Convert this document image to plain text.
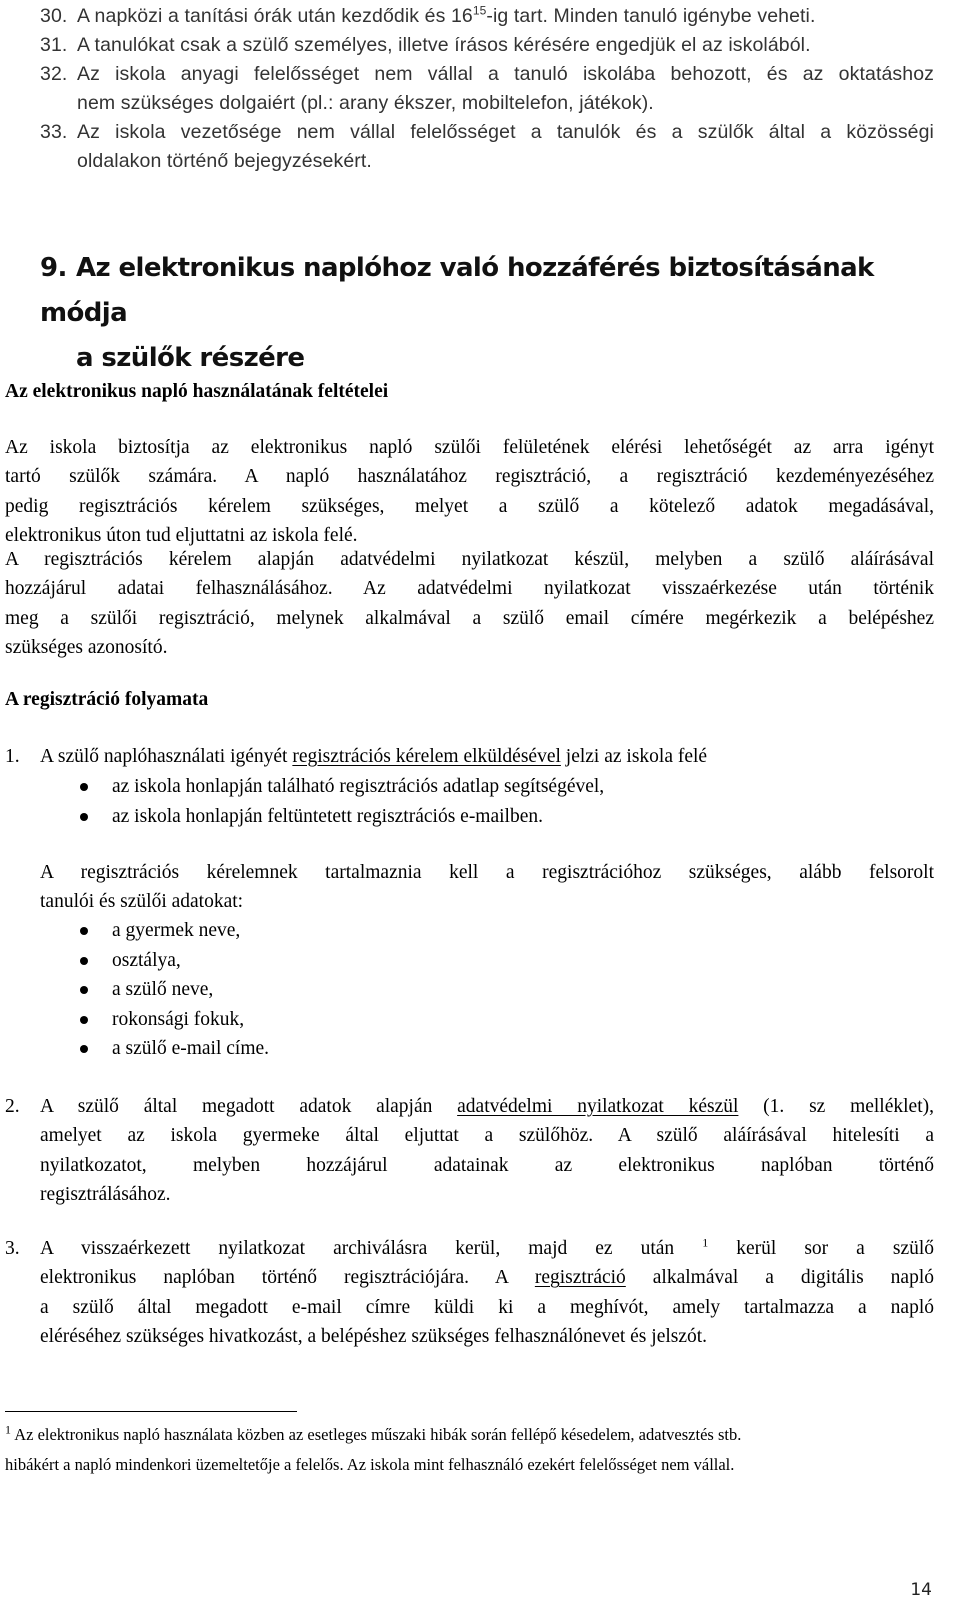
30. A napközi a tanítási órák után kezdődik és $16^{15}-ig$ tart. Minden tanuló igénybe veheti.
31. A tanulókat csak a szülő személyes, illetve írásos kérésére engedjük el az iskolából.
32. Az iskola anyagi felelősséget nem vállal a tanuló iskolába behozott, és az oktatáshoz
nem szükséges dolgaiért (pl.: arany ékszer, mobiltelefon, játékok).
33. Az iskola vezetősége nem vállal felelősséget a tanulók és a szülők által a közösségi
oldalakon történő bejegyzésekért.
9. Az elektronikus naplóhoz való hozzáférés biztosításának módja
a szülők részére
Az elektronikus napló használatának feltételei
Az iskola biztosítja az elektronikus napló szülői felületének elérési lehetőségét az arra igényt
tartó szülők számára. A napló használatához regisztráció, a regisztráció kezdeményezéséhez
pedig regisztrációs kérelem szükséges, melyet a szülő a kötelező adatok megadásával,
elektronikus úton tud eljuttatni az iskola felé.
A regisztrációs kérelem alapján adatvédelmi nyilatkozat készül, melyben a szülő aláírásával
hozzájárul adatai felhasználásához. Az adatvédelmi nyilatkozat visszaérkezése után történik
meg a szülői regisztráció, melynek alkalmával a szülő email címére megérkezik a belépéshez
szükséges azonosító.
A regisztráció folyamata
1. A szülő naplóhasználati igényét regisztrációs kérelem elküldésével jelzi az iskola felé
az iskola honlapján található regisztrációs adatlap segítségével,
az iskola honlapján feltüntetett regisztrációs e-mailben.
A regisztrációs kérelemnek tartalmaznia kell a regisztrációhoz szükséges, alább felsorolt
tanulói és szülői adatokat:
a gyermek neve,
osztálya,
a szülő neve,
rokonsági fokuk,
a szülő e-mail címe.
2. A szülő által megadott adatok alapján adatvédelmi nyilatkozat készül (1. sz melléklet),
amelyet az iskola gyermeke által eljuttat a szülőhöz. A szülő aláírásával hitelesíti a
nyilatkozatot, melyben hozzájárul adatainak az elektronikus naplóban történő
regisztrálásához.
3. A visszaérkezett nyilatkozat archiválásra kerül, majd ez után $^1$ kerül sor a szülő
elektronikus naplóban történő regisztrációjára. A regisztráció alkalmával a digitális napló
a szülő által megadott e-mail címre küldi ki a meghívót, amely tartalmazza a napló
eléréséhez szükséges hivatkozást, a belépéshez szükséges felhasználónevet és jelszót.
$^1$ Az elektronikus napló használata közben az esetleges műszaki hibák során fellépő késedelem, adatvesztés stb.
hibákért a napló mindenkori üzemeltetője a felelős. Az iskola mint felhasználó ezekért felelősséget nem vállal.
14
